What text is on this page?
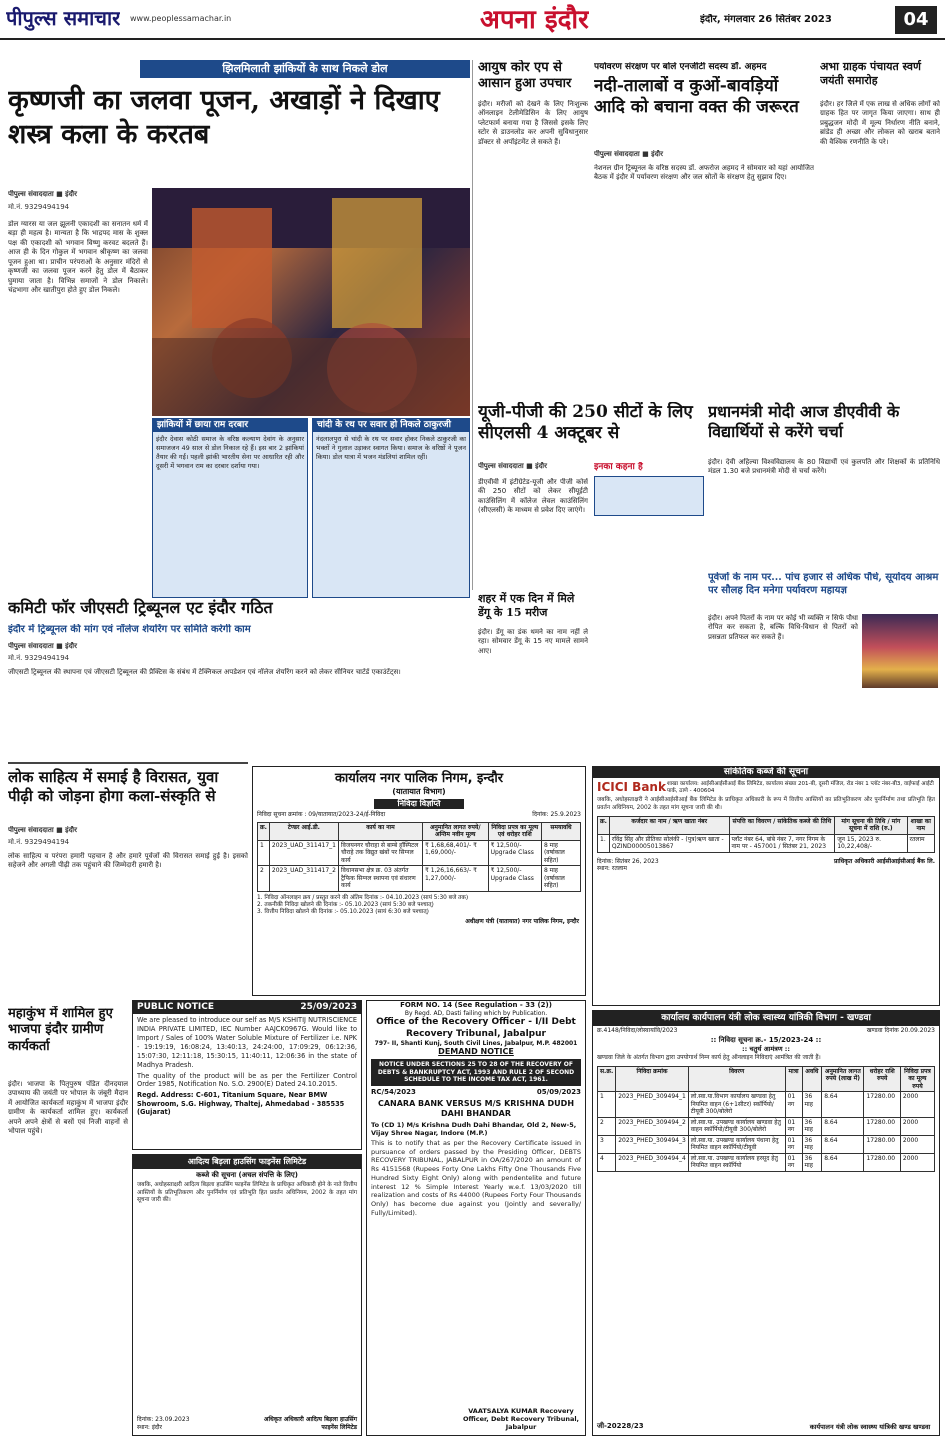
पीपुल्स समाचार www.peoplessamachar.in	अपना इंदौर	इंदौर, मंगलवार 26 सितंबर 2023	04
झिलमिलाती झांकियों के साथ निकले डोल
कृष्णजी का जलवा पूजन, अखाड़ों ने दिखाए शस्त्र कला के करतब
पीपुल्स संवाददाता ■ इंदौर
मो.नं. 9329494194
डोल ग्यारस या जल झूलनी एकादशी का सनातन धर्म में बड़ा ही महत्व है। मान्यता है कि भाद्रपद मास के शुक्ल पक्ष की एकादशी को भगवान विष्णु करवट बदलते हैं। आज ही के दिन गोकुल में भगवान श्रीकृष्ण का जलवा पूजन हुआ था। प्राचीन परंपराओं के अनुसार मंदिरों से कृष्णजी का जलवा पूजन करने हेतु डोल में बैठाकर घुमाया जाता है। विभिन्न समाजों ने डोल निकाले। चंद्रभागा और खातीपुरा होते हुए डोल निकले।
झांकियों में छाया राम दरबार
इंदौर देवास कोठी समाज के वरिष्ठ कल्याण देवांग के अनुसार समाजजन 49 साल से डोल निकाल रहे हैं। इस बार 2 झांकियां तैयार की गईं। पहली झांकी भारतीय सेना पर आधारित रही और दूसरी में भगवान राम का दरबार दर्शाया गया।
चांदी के रथ पर सवार हो निकले ठाकुरजी
नंदलालपुरा से चांदी के रथ पर सवार होकर निकले ठाकुरजी का भक्तों ने गुलाल उड़ाकर स्वागत किया। समाज के वरिष्ठों ने पूजन किया। डोल यात्रा में भजन मंडलियां शामिल रहीं।
आयुष कोर एप से आसान हुआ उपचार
इंदौर। मरीजों को देखने के लिए निःशुल्क ऑनलाइन टेलीमेडिसिन के लिए आयुष प्लेटफार्म बनाया गया है जिससे इसके लिए स्टोर से डाउनलोड कर अपनी सुविधानुसार डॉक्टर से अपॉइंटमेंट ले सकते हैं।
पर्यावरण संरक्षण पर बोले एनजीटी सदस्य डॉ. अहमद
नदी-तालाबों व कुओं-बावड़ियों आदि को बचाना वक्त की जरूरत
पीपुल्स संवाददाता ■ इंदौर
नेशनल ग्रीन ट्रिब्यूनल के वरिष्ठ सदस्य डॉ. अफरोज अहमद ने सोमवार को यहां आयोजित बैठक में इंदौर में पर्यावरण संरक्षण और जल स्रोतों के संरक्षण हेतु सुझाव दिए।
यूजी-पीजी की 250 सीटों के लिए सीएलसी 4 अक्टूबर से
पीपुल्स संवाददाता ■ इंदौर
डीएवीवी में इंटीग्रेटेड-यूजी और पीजी कोर्स की 250 सीटों को लेकर सीयूईटी काउंसिलिंग में कॉलेज लेवल काउंसिलिंग (सीएलसी) के माध्यम से प्रवेश दिए जाएंगे।
इनका कहना है
शहर में एक दिन में मिले डेंगू के 15 मरीज
इंदौर। डेंगू का डंक थमने का नाम नहीं ले रहा। सोमवार डेंगू के 15 नए मामले सामने आए।
अभा ग्राहक पंचायत स्वर्ण जयंती समारोह
इंदौर। हर जिले में एक लाख से अधिक लोगों को ग्राहक हित पर जागृत किया जाएगा। साथ ही प्रबुद्धजन मोदी में मूल्य निर्धारण नीति बनाने, ब्रांडेड ही अच्छा और लोकल को खराब बताने की वैश्विक रणनीति के परे।
प्रधानमंत्री मोदी आज डीएवीवी के विद्यार्थियों से करेंगे चर्चा
इंदौर। देवी अहिल्या विश्वविद्यालय के 80 विद्यार्थी एवं कुलपति और शिक्षकों के प्रतिनिधि मंडल 1.30 बजे प्रधानमंत्री मोदी से चर्चा करेंगे।
पूर्वजों के नाम पर... पांच हजार से अधिक पौधे, सूर्योदय आश्रम पर सौलह दिन मनेगा पर्यावरण महायज्ञ
इंदौर। अपने पितरों के नाम पर कोई भी व्यक्ति न सिर्फ पौधा रोपित कर सकता है, बल्कि विधि-विधान से पितरों को प्रसन्नता प्रतिफल कर सकते हैं।
कमिटी फॉर जीएसटी ट्रिब्यूनल एट इंदौर गठित
इंदौर में ट्रिब्यूनल की मांग एवं नॉलेज शेयरिंग पर समिति करेगी काम
पीपुल्स संवाददाता ■ इंदौर
मो.नं. 9329494194
जीएसटी ट्रिब्यूनल की स्थापना एवं जीएसटी ट्रिब्यूनल की प्रैक्टिस के संबंध में टेक्निकल अपडेशन एवं नॉलेज शेयरिंग करने को लेकर सीनियर चार्टर्ड एकाउंटेंट्स।
लोक साहित्य में समाई है विरासत, युवा पीढ़ी को जोड़ना होगा कला-संस्कृति से
पीपुल्स संवाददाता ■ इंदौर
मो.नं. 9329494194
लोक साहित्य व परंपरा हमारी पहचान है और हमारे पूर्वजों की विरासत समाई हुई है। इसको सहेजने और अगली पीढ़ी तक पहुंचाने की जिम्मेदारी हमारी है।
महाकुंभ में शामिल हुए भाजपा इंदौर ग्रामीण कार्यकर्ता
इंदौर। भाजपा के पितृपुरुष पंडित दीनदयाल उपाध्याय की जयंती पर भोपाल के जंबूरी मैदान में आयोजित कार्यकर्ता महाकुंभ में भाजपा इंदौर ग्रामीण के कार्यकर्ता शामिल हुए। कार्यकर्ता अपने अपने क्षेत्रों से बसों एवं निजी वाहनों से भोपाल पहुंचे।
कार्यालय नगर पालिक निगम, इन्दौर
(यातायात विभाग)
निविदा विज्ञप्ति
निविदा सूचना क्रमांक : 09/यातायात/2023-24/ई-निविदा	दिनांक: 25.9.2023
क्र.	टेण्डर आई.डी.	कार्य का नाम	अनुमानित लागत रुपये/अन्तिम नवीन मूल्य	निविदा प्रपत्र का मूल्य एवं धरोहर राशि	समयावधि
1	2023_UAD_311417_1	विजयनगर चौराहा से बाम्बे हॉस्पिटल चौराहे तक विद्युत खंबों पर सिग्नल कार्य	₹ 1,68,68,401/- ₹ 1,69,000/-	₹ 12,500/- Upgrade Class	8 माह (वर्षाकाल सहित)
2	2023_UAD_311417_2	विधानसभा क्षेत्र क्र. 03 अंतर्गत ट्रैफिक सिग्नल स्थापना एवं संधारण कार्य	₹ 1,26,16,663/- ₹ 1,27,000/-	₹ 12,500/- Upgrade Class	8 माह (वर्षाकाल सहित)
1. निविदा ऑनलाइन क्रय / प्रस्तुत करने की अंतिम दिनांक :- 04.10.2023 (सायं 5:30 बजे तक)
2. तकनीकी निविदा खोलने की दिनांक :- 05.10.2023 (सायं 5:30 बजे पश्चात्)
3. वित्तीय निविदा खोलने की दिनांक :- 05.10.2023 (सायं 6:30 बजे पश्चात्)
अधीक्षण यंत्री (यातायात) नगर पालिक निगम, इन्दौर
सांकेतिक कब्जे की सूचना
ICICI Bank शाखा कार्यालय: आईसीआईसीआई बैंक लिमिटेड, कार्यालय संख्या 201-बी, दूसरी मंजिल, रोड नंबर 1 प्लॉट नंबर-बी3, वाईफाई आईटी पार्क, ठाणे - 400604
जबकि, अधोहस्ताक्षरी ने आईसीआईसीआई बैंक लिमिटेड के प्राधिकृत अधिकारी के रूप में वित्तीय आस्तियों का प्रतिभूतिकरण और पुनर्निर्माण तथा प्रतिभूति हित प्रवर्तन अधिनियम, 2002 के तहत मांग सूचना जारी की थी।
क्र.	कर्जदार का नाम / ऋण खाता नंबर	संपत्ति का विवरण / सांकेतिक कब्जे की तिथि	मांग सूचना की तिथि / मांग सूचना में राशि (रु.)	शाखा का नाम
1.	रविंद्र सिंह और प्रीतिका सोलंकी - (पुत्र)ऋण खाता - QZIND00005013867	प्लॉट नंबर 64, बांबे नंबर 7, नगर निगम के नाम पर - 457001 / सितंबर 21, 2023	जून 15, 2023 रु. 10,22,408/-	रतलाम
दिनांक: सितंबर 26, 2023
स्थान: रतलाम
प्राधिकृत अधिकारी आईसीआईसीआई बैंक लि.
PUBLIC NOTICE	25/09/2023
We are pleased to introduce our self as M/S KSHITIJ NUTRISCIENCE INDIA PRIVATE LIMITED, IEC Number AAJCK0967G. Would like to Import / Sales of 100% Water Soluble Mixture of Fertilizer i.e. NPK - 19:19:19, 16:08:24, 13:40:13, 24:24:00, 17:09:29, 06:12:36, 15:07:30, 12:11:18, 15:30:15, 11:40:11, 12:06:36 in the state of Madhya Pradesh.
The quality of the product will be as per the Fertilizer Control Order 1985, Notification No. S.O. 2900(E) Dated 24.10.2015.
Regd. Address: C-601, Titanium Square, Near BMW Showroom, S.G. Highway, Thaltej, Ahmedabad - 385535 (Gujarat)
आदित्य बिड़ला हाउसिंग फाइनेंस लिमिटेड
कब्जे की सूचना (अचल संपत्ति के लिए)
जबकि, अधोहस्ताक्षरी आदित्य बिड़ला हाउसिंग फाइनेंस लिमिटेड के प्राधिकृत अधिकारी होने के नाते वित्तीय आस्तियों के प्रतिभूतिकरण और पुनर्निर्माण एवं प्रतिभूति हित प्रवर्तन अधिनियम, 2002 के तहत मांग सूचना जारी की।
दिनांक: 23.09.2023
स्थान: इंदौर
अधिकृत अधिकारी आदित्य बिड़ला हाउसिंग फाइनेंस लिमिटेड
FORM NO. 14 (See Regulation - 33 (2))
By Regd. AD, Dasti failing which by Publication.
Office of the Recovery Officer - I/II Debt Recovery Tribunal, Jabalpur
797- II, Shanti Kunj, South Civil Lines, Jabalpur, M.P. 482001
DEMAND NOTICE
NOTICE UNDER SECTIONS 25 TO 28 OF THE RECOVERY OF DEBTS & BANKRUPTCY ACT, 1993 AND RULE 2 OF SECOND SCHEDULE TO THE INCOME TAX ACT, 1961.
RC/54/2023	05/09/2023
CANARA BANK VERSUS M/S KRISHNA DUDH DAHI BHANDAR
To (CD 1) M/s Krishna Dudh Dahi Bhandar, Old 2, New-5, Vijay Shree Nagar, Indore (M.P.)
This is to notify that as per the Recovery Certificate issued in pursuance of orders passed by the Presiding Officer, DEBTS RECOVERY TRIBUNAL, JABALPUR in OA/267/2020 an amount of Rs 4151568 (Rupees Forty One Lakhs Fifty One Thousands Five Hundred Sixty Eight Only) along with pendentelite and future interest 12 % Simple Interest Yearly w.e.f. 13/03/2020 till realization and costs of Rs 44000 (Rupees Forty Four Thousands Only) has become due against you (Jointly and severally/ Fully/Limited).
VAATSALYA KUMAR Recovery Officer, Debt Recovery Tribunal, Jabalpur
कार्यालय कार्यपालन यंत्री लोक स्वास्थ्य यांत्रिकी विभाग - खण्डवा
क्र.4148/निविदा/लोस्वायांवि/2023	खण्डवा दिनांक 20.09.2023
:: निविदा सूचना क्र.- 15/2023-24 ::
:: चतुर्थ आमंत्रण ::
खण्डवा जिले के अंतर्गत विभाग द्वारा उपयोगार्थ निम्न कार्य हेतु ऑनलाइन निविदाएं आमंत्रित की जाती हैं।
स.क्र.	निविदा क्रमांक	विवरण	मात्रा	अवधि	अनुमानित लागत रुपये (लाख में)	धरोहर राशि रुपये	निविदा प्रपत्र का मूल्य रुपये
1	2023_PHED_309494_1	लो.स्वा.या.विभाग कार्यालय खण्डवा हेतु नियमित वाहन (6+1सीटर) स्कॉर्पियो/टीयूवी 300/बोलेरो	01 नग	36 माह	8.64	17280.00	2000
2	2023_PHED_309494_2	लो.स्वा.या. उपखण्ड कार्यालय खण्डवा हेतु वाहन स्कॉर्पियो/टीयूवी 300/बोलेरो	01 नग	36 माह	8.64	17280.00	2000
3	2023_PHED_309494_3	लो.स्वा.या. उपखण्ड कार्यालय पंधाना हेतु नियमित वाहन स्कॉर्पियो/टीयूवी	01 नग	36 माह	8.64	17280.00	2000
4	2023_PHED_309494_4	लो.स्वा.या. उपखण्ड कार्यालय हरसूद हेतु नियमित वाहन स्कॉर्पियो	01 नग	36 माह	8.64	17280.00	2000
जी-20228/23	कार्यपालन यंत्री लोक स्वास्थ्य यांत्रिकी खण्ड खण्डवा
